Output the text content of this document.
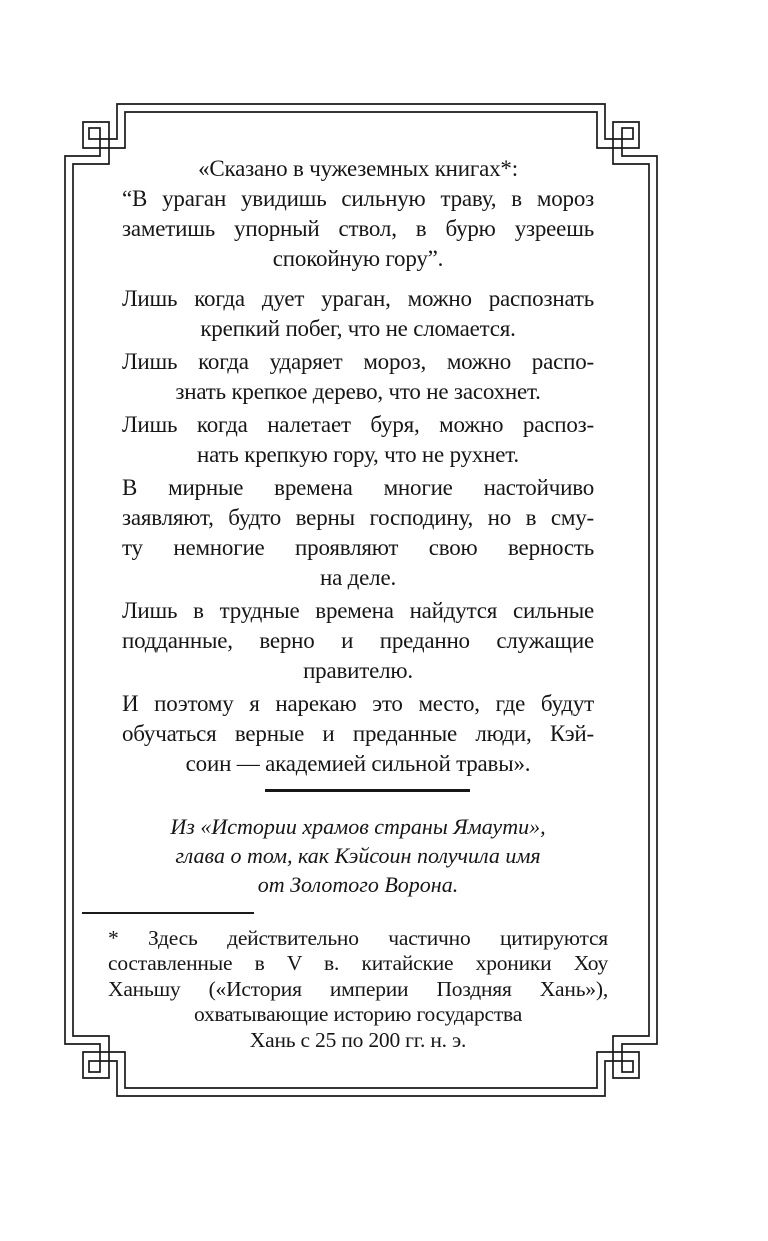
«Сказано в чужеземных книгах*:
“В ураган увидишь сильную траву, в мороз
заметишь упорный ствол, в бурю узреешь
спокойную гору”.
Лишь когда дует ураган, можно распознать
крепкий побег, что не сломается.
Лишь когда ударяет мороз, можно распо-
знать крепкое дерево, что не засохнет.
Лишь когда налетает буря, можно распоз-
нать крепкую гору, что не рухнет.
В мирные времена многие настойчиво
заявляют, будто верны господину, но в сму-
ту немногие проявляют свою верность
на деле.
Лишь в трудные времена найдутся сильные
подданные, верно и преданно служащие
правителю.
И поэтому я нарекаю это место, где будут
обучаться верные и преданные люди, Кэй-
соин — академией сильной травы».
Из «Истории храмов страны Ямаути»,
глава о том, как Кэйсоин получила имя
от Золотого Ворона.
* Здесь действительно частично цитируются
составленные в V в. китайские хроники Хоу
Ханьшу («История империи Поздняя Хань»),
охватывающие историю государства
Хань с 25 по 200 гг. н. э.
